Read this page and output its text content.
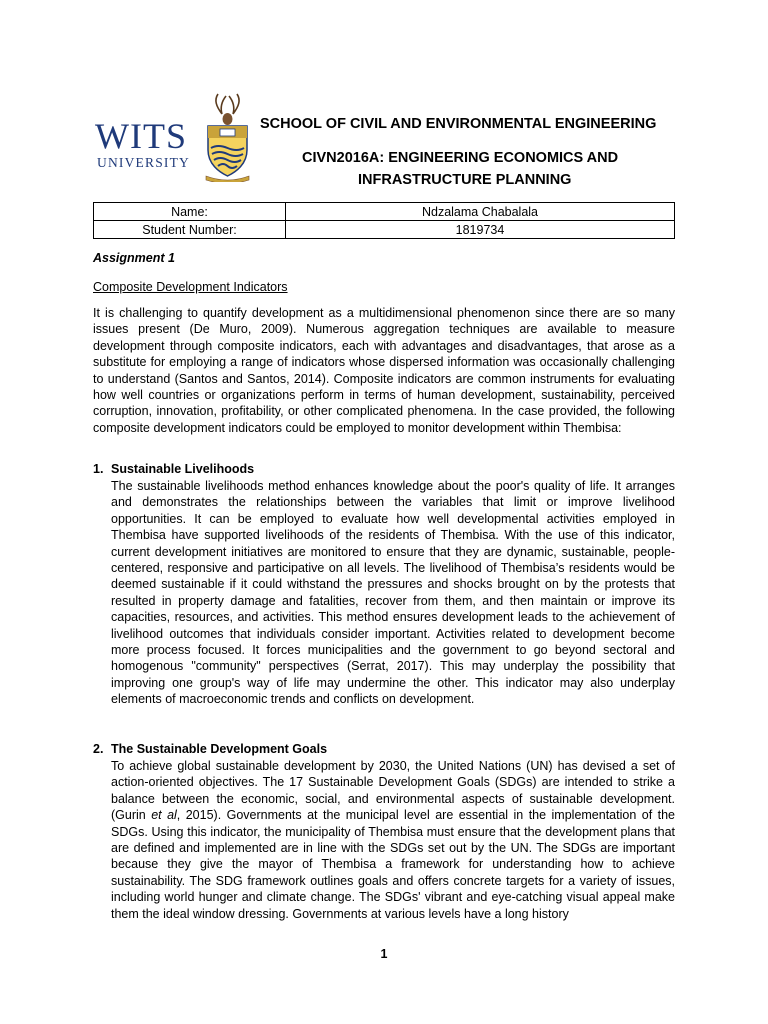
WITS
UNIVERSITY
SCHOOL OF CIVIL AND ENVIRONMENTAL ENGINEERING
CIVN2016A: ENGINEERING ECONOMICS AND
INFRASTRUCTURE PLANNING
Name:	Ndzalama Chabalala
Student Number:	1819734
Assignment 1
Composite Development Indicators
It is challenging to quantify development as a multidimensional phenomenon since there are so many issues present (De Muro, 2009). Numerous aggregation techniques are available to measure development through composite indicators, each with advantages and disadvantages, that arose as a substitute for employing a range of indicators whose dispersed information was occasionally challenging to understand (Santos and Santos, 2014). Composite indicators are common instruments for evaluating how well countries or organizations perform in terms of human development, sustainability, perceived corruption, innovation, profitability, or other complicated phenomena. In the case provided, the following composite development indicators could be employed to monitor development within Thembisa:
1. Sustainable Livelihoods
The sustainable livelihoods method enhances knowledge about the poor's quality of life. It arranges and demonstrates the relationships between the variables that limit or improve livelihood opportunities. It can be employed to evaluate how well developmental activities employed in Thembisa have supported livelihoods of the residents of Thembisa. With the use of this indicator, current development initiatives are monitored to ensure that they are dynamic, sustainable, people-centered, responsive and participative on all levels. The livelihood of Thembisa’s residents would be deemed sustainable if it could withstand the pressures and shocks brought on by the protests that resulted in property damage and fatalities, recover from them, and then maintain or improve its capacities, resources, and activities. This method ensures development leads to the achievement of livelihood outcomes that individuals consider important. Activities related to development become more process focused. It forces municipalities and the government to go beyond sectoral and homogenous "community" perspectives (Serrat, 2017). This may underplay the possibility that improving one group's way of life may undermine the other. This indicator may also underplay elements of macroeconomic trends and conflicts on development.
2. The Sustainable Development Goals
To achieve global sustainable development by 2030, the United Nations (UN) has devised a set of action-oriented objectives. The 17 Sustainable Development Goals (SDGs) are intended to strike a balance between the economic, social, and environmental aspects of sustainable development. (Gurin et al, 2015). Governments at the municipal level are essential in the implementation of the SDGs. Using this indicator, the municipality of Thembisa must ensure that the development plans that are defined and implemented are in line with the SDGs set out by the UN. The SDGs are important because they give the mayor of Thembisa a framework for understanding how to achieve sustainability. The SDG framework outlines goals and offers concrete targets for a variety of issues, including world hunger and climate change. The SDGs' vibrant and eye-catching visual appeal make them the ideal window dressing. Governments at various levels have a long history
1
